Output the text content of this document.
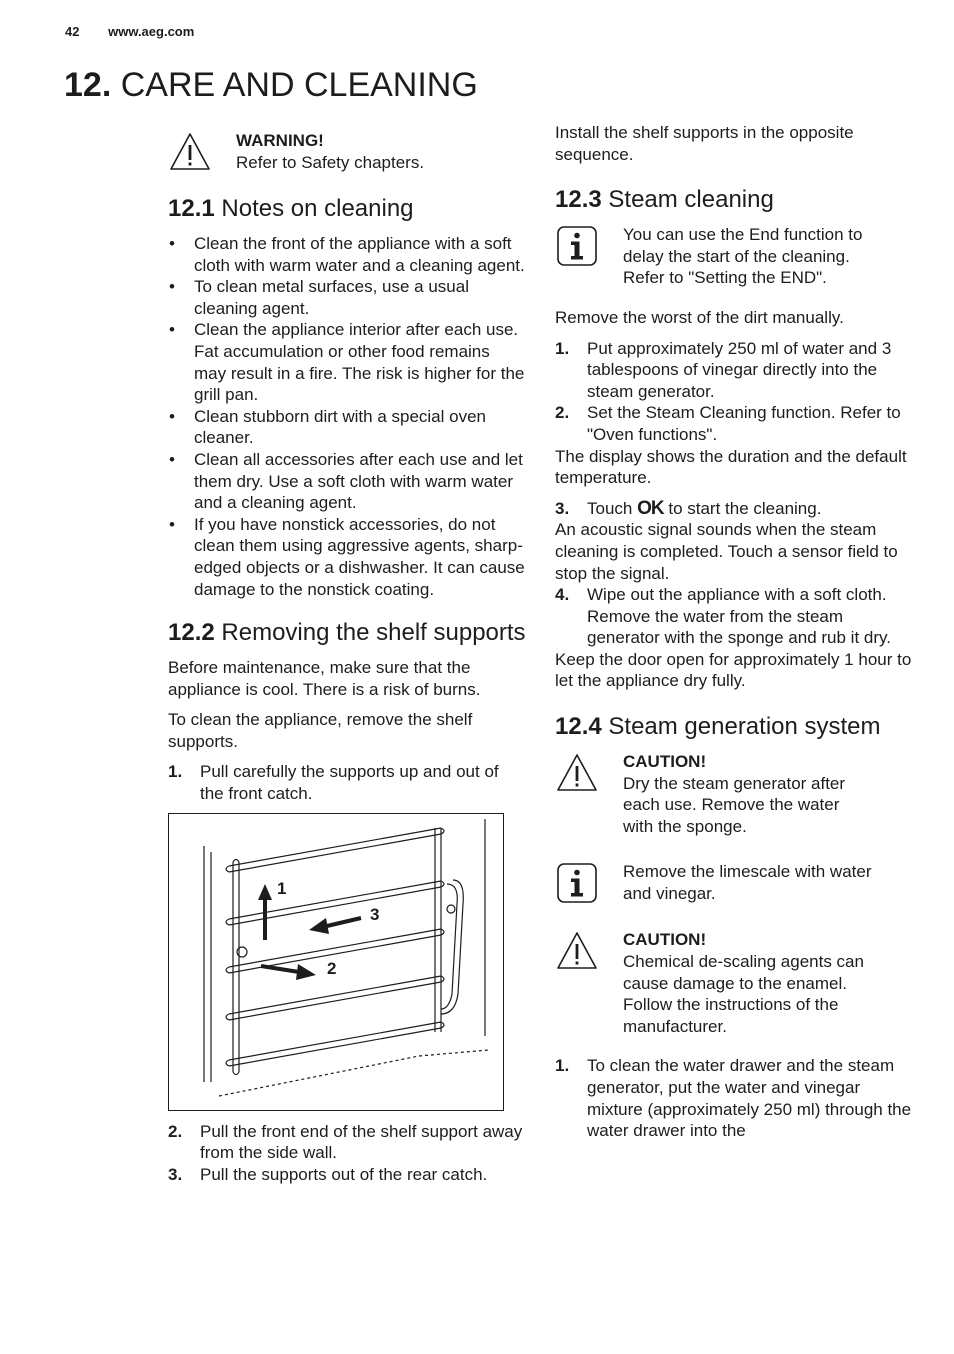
42 www.aeg.com
12. CARE AND CLEANING
WARNING!
Refer to Safety chapters.
12.1 Notes on cleaning
• Clean the front of the appliance with a soft cloth with warm water and a cleaning agent.
• To clean metal surfaces, use a usual cleaning agent.
• Clean the appliance interior after each use. Fat accumulation or other food remains may result in a fire. The risk is higher for the grill pan.
• Clean stubborn dirt with a special oven cleaner.
• Clean all accessories after each use and let them dry. Use a soft cloth with warm water and a cleaning agent.
• If you have nonstick accessories, do not clean them using aggressive agents, sharp-edged objects or a dishwasher. It can cause damage to the nonstick coating.
12.2 Removing the shelf supports

Before maintenance, make sure that the appliance is cool. There is a risk of burns.

To clean the appliance, remove the shelf supports.

1.	Pull carefully the supports up and out of the front catch.
1
2
3
2.	Pull the front end of the shelf support away from the side wall.
3.	Pull the supports out of the rear catch.

Install the shelf supports in the opposite sequence.

12.3 Steam cleaning
You can use the End function to delay the start of the cleaning. Refer to "Setting the END".

Remove the worst of the dirt manually.

1.	Put approximately 250 ml of water and 3 tablespoons of vinegar directly into the steam generator.
2.	Set the Steam Cleaning function. Refer to "Oven functions".

The display shows the duration and the default temperature.

3.	Touch OK to start the cleaning.

An acoustic signal sounds when the steam cleaning is completed. Touch a sensor field to stop the signal.

4.	Wipe out the appliance with a soft cloth. Remove the water from the steam generator with the sponge and rub it dry.

Keep the door open for approximately 1 hour to let the appliance dry fully.

12.4 Steam generation system
CAUTION!
Dry the steam generator after each use. Remove the water with the sponge.
Remove the limescale with water and vinegar.
CAUTION!
Chemical de-scaling agents can cause damage to the enamel. Follow the instructions of the manufacturer.
1.	To clean the water drawer and the steam generator, put the water and vinegar mixture (approximately 250 ml) through the water drawer into the
